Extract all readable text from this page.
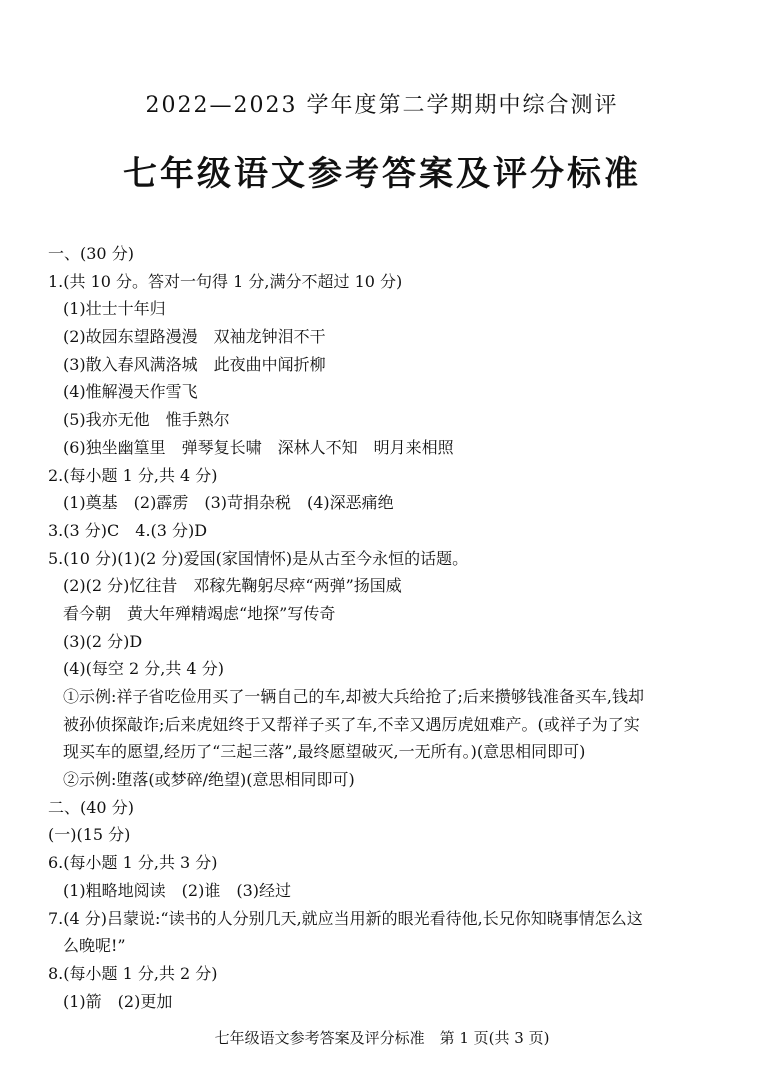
2022—2023 学年度第二学期期中综合测评
七年级语文参考答案及评分标准
一、(30 分)
1.(共 10 分。答对一句得 1 分,满分不超过 10 分)
(1)壮士十年归
(2)故园东望路漫漫　双袖龙钟泪不干
(3)散入春风满洛城　此夜曲中闻折柳
(4)惟解漫天作雪飞
(5)我亦无他　惟手熟尔
(6)独坐幽篁里　弹琴复长啸　深林人不知　明月来相照
2.(每小题 1 分,共 4 分)
(1)奠基　(2)霹雳　(3)苛捐杂税　(4)深恶痛绝
3.(3 分)C　4.(3 分)D
5.(10 分)(1)(2 分)爱国(家国情怀)是从古至今永恒的话题。
(2)(2 分)忆往昔　邓稼先鞠躬尽瘁“两弹”扬国威
看今朝　黄大年殚精竭虑“地探”写传奇
(3)(2 分)D
(4)(每空 2 分,共 4 分)
①示例:祥子省吃俭用买了一辆自己的车,却被大兵给抢了;后来攒够钱准备买车,钱却
被孙侦探敲诈;后来虎妞终于又帮祥子买了车,不幸又遇厉虎妞难产。(或祥子为了实
现买车的愿望,经历了“三起三落”,最终愿望破灭,一无所有。)(意思相同即可)
②示例:堕落(或梦碎/绝望)(意思相同即可)
二、(40 分)
(一)(15 分)
6.(每小题 1 分,共 3 分)
(1)粗略地阅读　(2)谁　(3)经过
7.(4 分)吕蒙说:“读书的人分别几天,就应当用新的眼光看待他,长兄你知晓事情怎么这
么晚呢!”
8.(每小题 1 分,共 2 分)
(1)箭　(2)更加
七年级语文参考答案及评分标准　第 1 页(共 3 页)
